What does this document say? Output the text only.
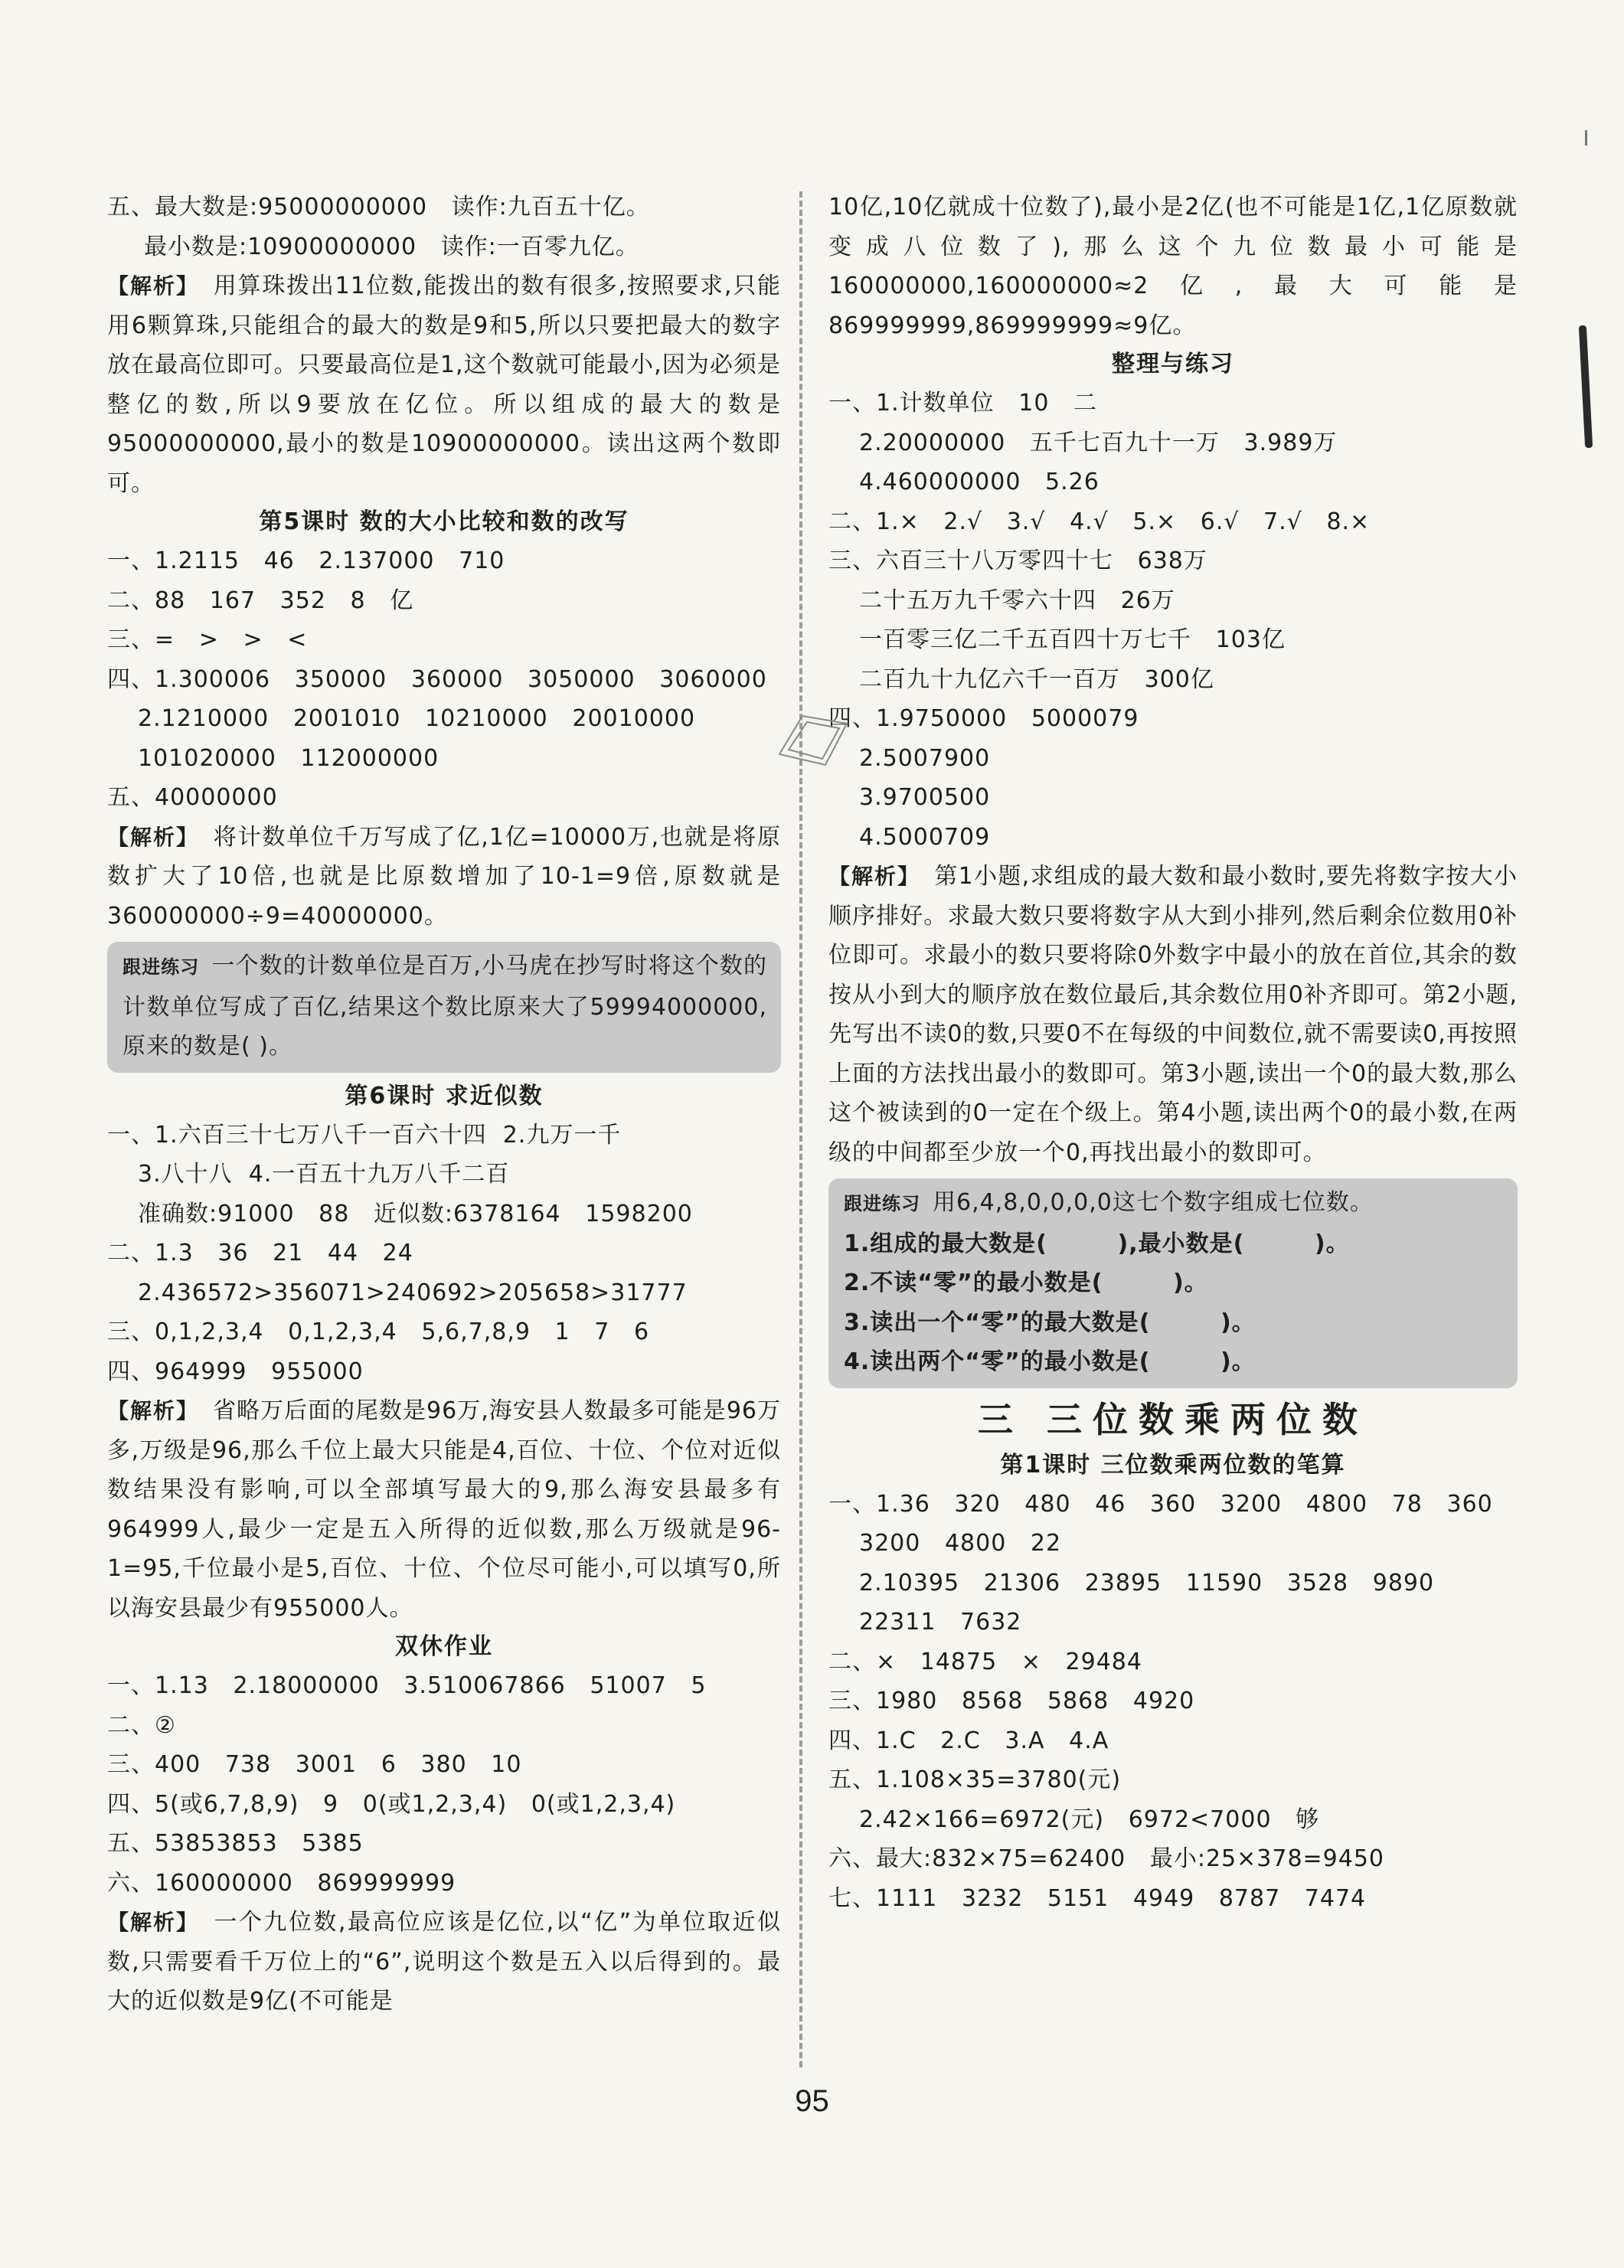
五、最大数是:95000000000   读作:九百五十亿。
最小数是:10900000000   读作:一百零九亿。
【解析】 用算珠拨出11位数,能拨出的数有很多,按照要求,只能用6颗算珠,只能组合的最大的数是9和5,所以只要把最大的数字放在最高位即可。只要最高位是1,这个数就可能最小,因为必须是整亿的数,所以9要放在亿位。所以组成的最大的数是95000000000,最小的数是10900000000。读出这两个数即可。
第5课时 数的大小比较和数的改写
一、1.2115   46   2.137000   710
二、88   167   352   8   亿
三、=   >   >   <
四、1.300006   350000   360000   3050000   3060000
2.1210000   2001010   10210000   20010000
101020000   112000000
五、40000000
【解析】 将计数单位千万写成了亿,1亿=10000万,也就是将原数扩大了10倍,也就是比原数增加了10-1=9倍,原数就是360000000÷9=40000000。
跟进练习 一个数的计数单位是百万,小马虎在抄写时将这个数的计数单位写成了百亿,结果这个数比原来大了59994000000,原来的数是( )。
第6课时 求近似数
一、1.六百三十七万八千一百六十四  2.九万一千
3.八十八  4.一百五十九万八千二百
准确数:91000   88   近似数:6378164   1598200
二、1.3   36   21   44   24
2.436572>356071>240692>205658>31777
三、0,1,2,3,4   0,1,2,3,4   5,6,7,8,9   1   7   6
四、964999   955000
【解析】 省略万后面的尾数是96万,海安县人数最多可能是96万多,万级是96,那么千位上最大只能是4,百位、十位、个位对近似数结果没有影响,可以全部填写最大的9,那么海安县最多有964999人,最少一定是五入所得的近似数,那么万级就是96-1=95,千位最小是5,百位、十位、个位尽可能小,可以填写0,所以海安县最少有955000人。
双休作业
一、1.13   2.18000000   3.510067866   51007   5
二、②
三、400   738   3001   6   380   10
四、5(或6,7,8,9)   9   0(或1,2,3,4)   0(或1,2,3,4)
五、53853853   5385
六、160000000   869999999
【解析】 一个九位数,最高位应该是亿位,以“亿”为单位取近似数,只需要看千万位上的“6”,说明这个数是五入以后得到的。最大的近似数是9亿(不可能是
10亿,10亿就成十位数了),最小是2亿(也不可能是1亿,1亿原数就变成八位数了),那么这个九位数最小可能是160000000,160000000≈2亿,最大可能是869999999,869999999≈9亿。
整理与练习
一、1.计数单位   10   二
2.20000000   五千七百九十一万   3.989万
4.460000000   5.26
二、1.×   2.√   3.√   4.√   5.×   6.√   7.√   8.×
三、六百三十八万零四十七   638万
二十五万九千零六十四   26万
一百零三亿二千五百四十万七千   103亿
二百九十九亿六千一百万   300亿
四、1.9750000   5000079
2.5007900
3.9700500
4.5000709
【解析】 第1小题,求组成的最大数和最小数时,要先将数字按大小顺序排好。求最大数只要将数字从大到小排列,然后剩余位数用0补位即可。求最小的数只要将除0外数字中最小的放在首位,其余的数按从小到大的顺序放在数位最后,其余数位用0补齐即可。第2小题,先写出不读0的数,只要0不在每级的中间数位,就不需要读0,再按照上面的方法找出最小的数即可。第3小题,读出一个0的最大数,那么这个被读到的0一定在个级上。第4小题,读出两个0的最小数,在两级的中间都至少放一个0,再找出最小的数即可。
跟进练习 用6,4,8,0,0,0,0这七个数字组成七位数。
1.组成的最大数是(        ),最小数是(        )。
2.不读“零”的最小数是(        )。
3.读出一个“零”的最大数是(        )。
4.读出两个“零”的最小数是(        )。
三 三位数乘两位数
第1课时 三位数乘两位数的笔算
一、1.36   320   480   46   360   3200   4800   78   360
3200   4800   22
2.10395   21306   23895   11590   3528   9890
22311   7632
二、×   14875   ×   29484
三、1980   8568   5868   4920
四、1.C   2.C   3.A   4.A
五、1.108×35=3780(元)
2.42×166=6972(元)   6972<7000   够
六、最大:832×75=62400   最小:25×378=9450
七、1111   3232   5151   4949   8787   7474
95
